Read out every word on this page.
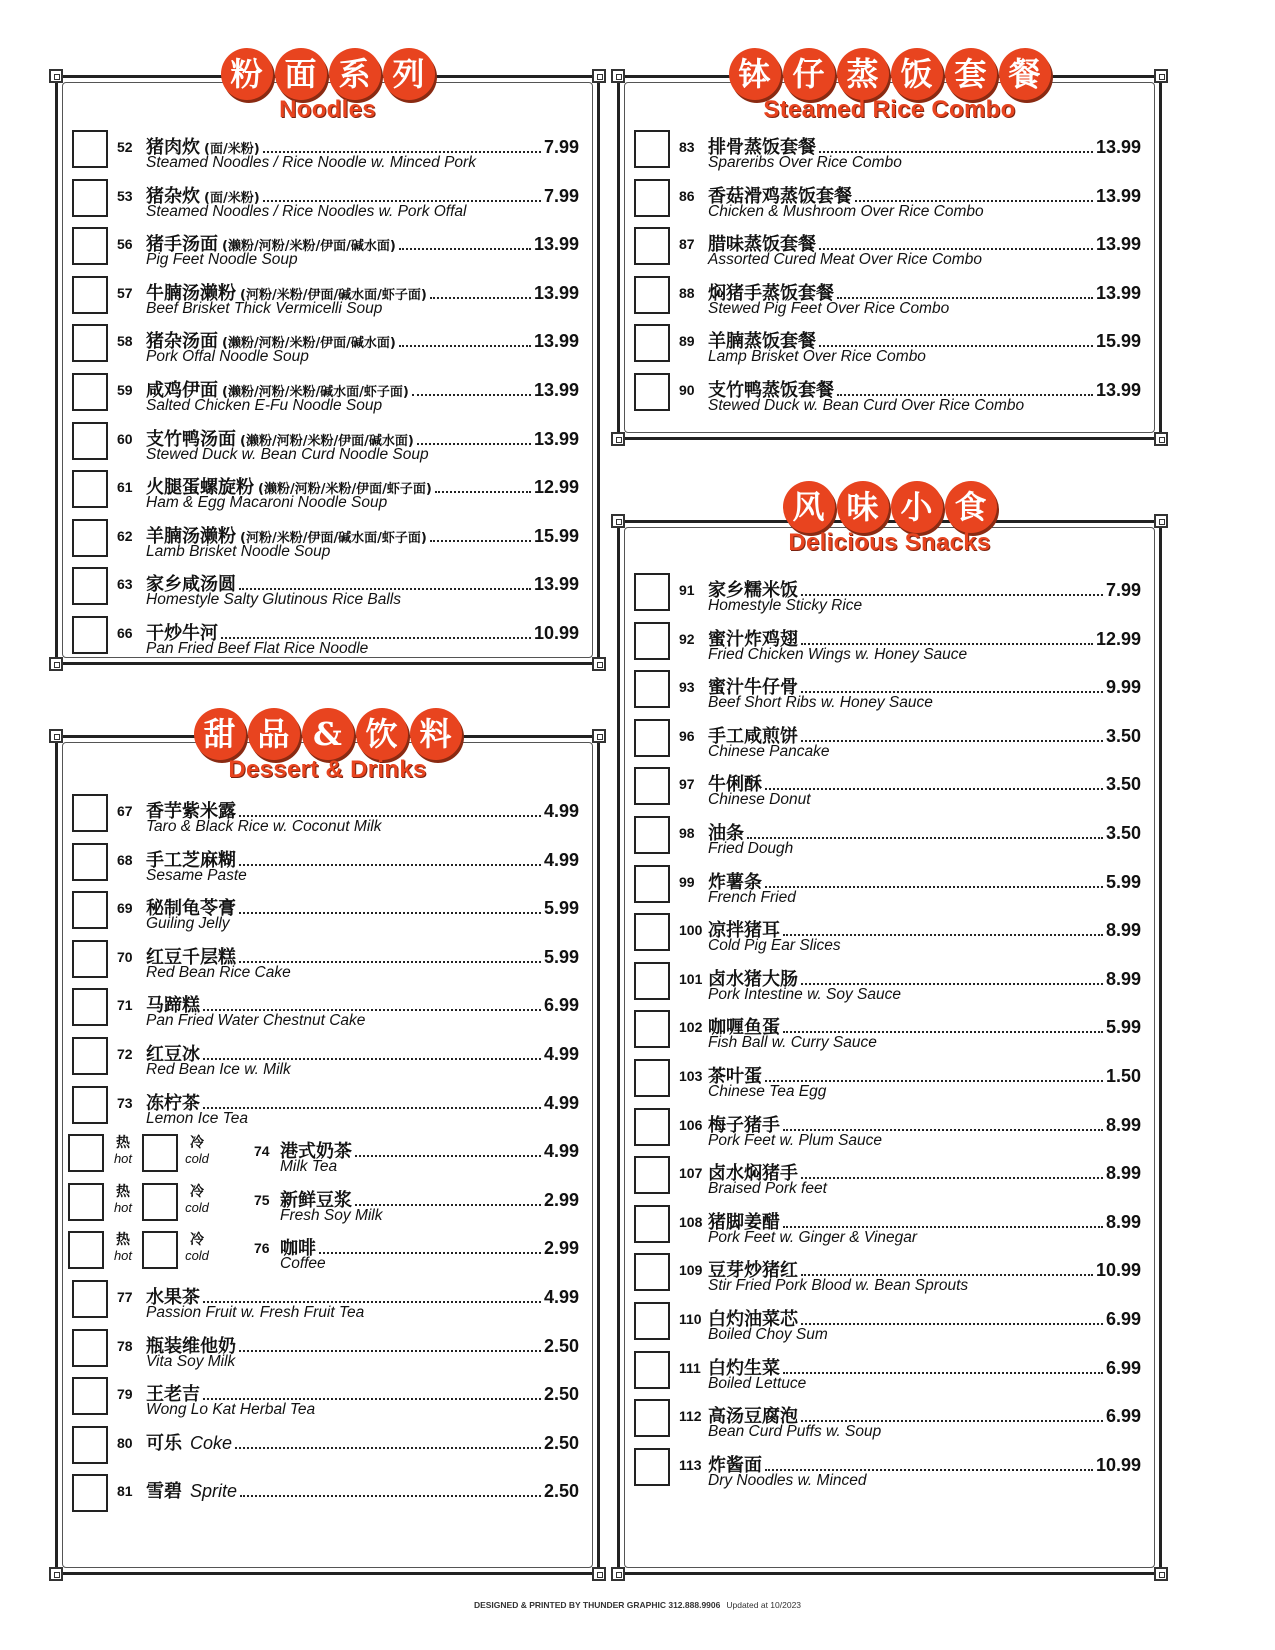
粉 面 系 列
Noodles
52 猪肉炊 (面/米粉)	7.99
Steamed Noodles / Rice Noodle w. Minced Pork
53 猪杂炊 (面/米粉)	7.99
Steamed Noodles / Rice Noodles w. Pork Offal
56 猪手汤面 (濑粉/河粉/米粉/伊面/碱水面)	13.99
Pig Feet Noodle Soup
57 牛腩汤濑粉 (河粉/米粉/伊面/碱水面/虾子面)	13.99
Beef Brisket Thick Vermicelli Soup
58 猪杂汤面 (濑粉/河粉/米粉/伊面/碱水面)	13.99
Pork Offal Noodle Soup
59 咸鸡伊面 (濑粉/河粉/米粉/碱水面/虾子面)	13.99
Salted Chicken E-Fu Noodle Soup
60 支竹鸭汤面 (濑粉/河粉/米粉/伊面/碱水面)	13.99
Stewed Duck w. Bean Curd Noodle Soup
61 火腿蛋螺旋粉 (濑粉/河粉/米粉/伊面/虾子面)	12.99
Ham & Egg Macaroni Noodle Soup
62 羊腩汤濑粉 (河粉/米粉/伊面/碱水面/虾子面)	15.99
Lamb Brisket Noodle Soup
63 家乡咸汤圆	13.99
Homestyle Salty Glutinous Rice Balls
66 干炒牛河	10.99
Pan Fried Beef Flat Rice Noodle
甜 品 & 饮 料
Dessert & Drinks
67 香芋紫米露	4.99
Taro & Black Rice w. Coconut Milk
68 手工芝麻糊	4.99
Sesame Paste
69 秘制龟苓膏	5.99
Guiling Jelly
70 红豆千层糕	5.99
Red Bean Rice Cake
71 马蹄糕	6.99
Pan Fried Water Chestnut Cake
72 红豆冰	4.99
Red Bean Ice w. Milk
73 冻柠茶	4.99
Lemon Ice Tea
热
hot
冷
cold	74 港式奶茶	4.99
Milk Tea
热
hot
冷
cold	75 新鲜豆浆	2.99
Fresh Soy Milk
热
hot
冷
cold	76 咖啡	2.99
Coffee
77 水果茶	4.99
Passion Fruit w. Fresh Fruit Tea
78 瓶装维他奶	2.50
Vita Soy Milk
79 王老吉	2.50
Wong Lo Kat Herbal Tea
80 可乐 Coke	2.50
81 雪碧 Sprite	2.50
钵 仔 蒸 饭 套 餐
Steamed Rice Combo
83 排骨蒸饭套餐	13.99
Spareribs Over Rice Combo
86 香菇滑鸡蒸饭套餐	13.99
Chicken & Mushroom Over Rice Combo
87 腊味蒸饭套餐	13.99
Assorted Cured Meat Over Rice Combo
88 焖猪手蒸饭套餐	13.99
Stewed Pig Feet Over Rice Combo
89 羊腩蒸饭套餐	15.99
Lamp Brisket Over Rice Combo
90 支竹鸭蒸饭套餐	13.99
Stewed Duck w. Bean Curd Over Rice Combo
风 味 小 食
Delicious Snacks
91 家乡糯米饭	7.99
Homestyle Sticky Rice
92 蜜汁炸鸡翅	12.99
Fried Chicken Wings w. Honey Sauce
93 蜜汁牛仔骨	9.99
Beef Short Ribs w. Honey Sauce
96 手工咸煎饼	3.50
Chinese Pancake
97 牛俐酥	3.50
Chinese Donut
98 油条	3.50
Fried Dough
99 炸薯条	5.99
French Fried
100 凉拌猪耳	8.99
Cold Pig Ear Slices
101 卤水猪大肠	8.99
Pork Intestine w. Soy Sauce
102 咖喱鱼蛋	5.99
Fish Ball w. Curry Sauce
103 茶叶蛋	1.50
Chinese Tea Egg
106 梅子猪手	8.99
Pork Feet w. Plum Sauce
107 卤水焖猪手	8.99
Braised Pork feet
108 猪脚姜醋	8.99
Pork Feet w. Ginger & Vinegar
109 豆芽炒猪红	10.99
Stir Fried Pork Blood w. Bean Sprouts
110 白灼油菜芯	6.99
Boiled Choy Sum
111 白灼生菜	6.99
Boiled Lettuce
112 高汤豆腐泡	6.99
Bean Curd Puffs w. Soup
113 炸酱面	10.99
Dry Noodles w. Minced
DESIGNED & PRINTED BY THUNDER GRAPHIC 312.888.9906 Updated at 10/2023
